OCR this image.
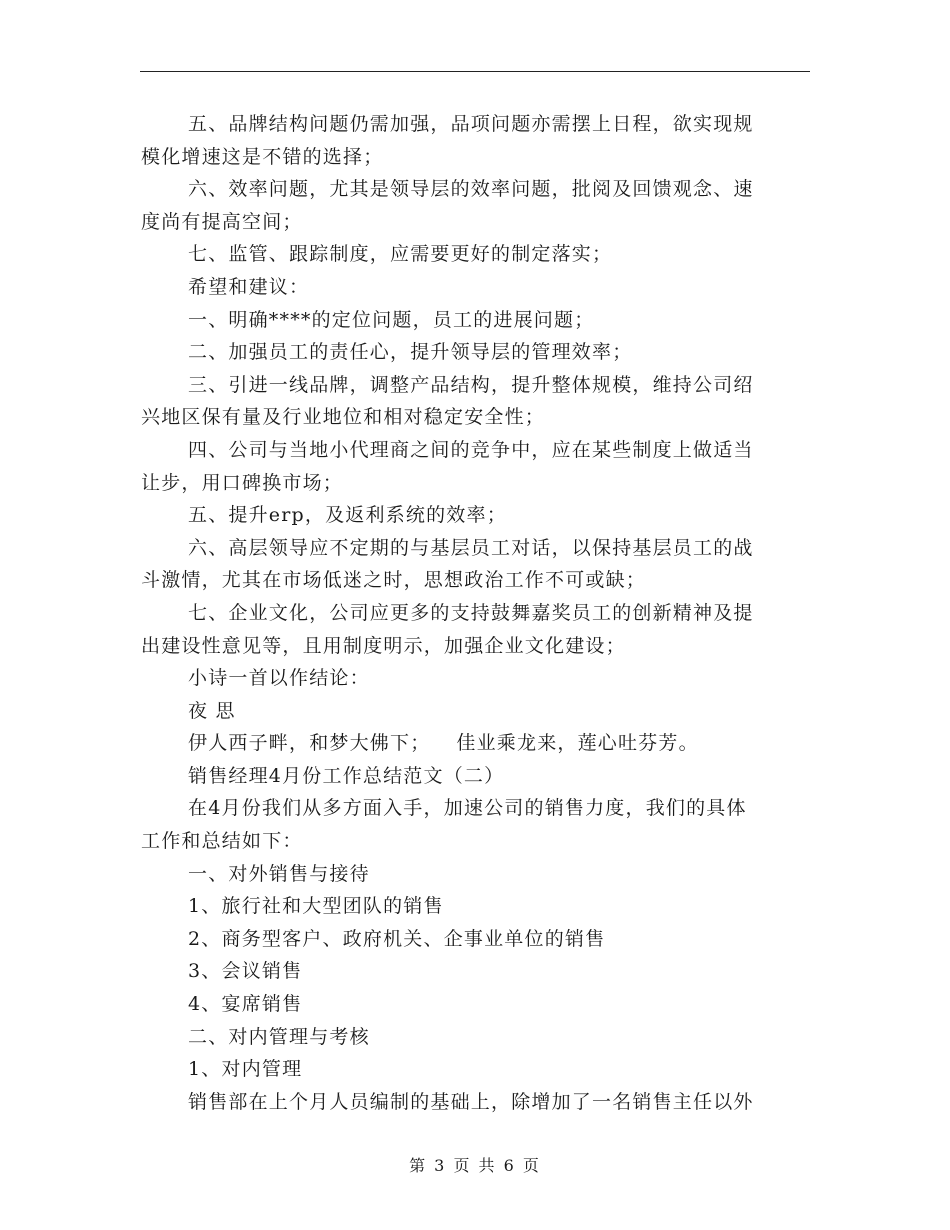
五、品牌结构问题仍需加强，品项问题亦需摆上日程，欲实现规
模化增速这是不错的选择；
六、效率问题，尤其是领导层的效率问题，批阅及回馈观念、速
度尚有提高空间；
七、监管、跟踪制度，应需要更好的制定落实；
希望和建议：
一、明确****的定位问题，员工的进展问题；
二、加强员工的责任心，提升领导层的管理效率；
三、引进一线品牌，调整产品结构，提升整体规模，维持公司绍
兴地区保有量及行业地位和相对稳定安全性；
四、公司与当地小代理商之间的竞争中，应在某些制度上做适当
让步，用口碑换市场；
五、提升erp，及返利系统的效率；
六、高层领导应不定期的与基层员工对话，以保持基层员工的战
斗激情，尤其在市场低迷之时，思想政治工作不可或缺；
七、企业文化，公司应更多的支持鼓舞嘉奖员工的创新精神及提
出建设性意见等，且用制度明示，加强企业文化建设；
小诗一首以作结论：
夜 思
伊人西子畔，和梦大佛下； 佳业乘龙来，莲心吐芬芳。
销售经理4月份工作总结范文（二）
在4月份我们从多方面入手，加速公司的销售力度，我们的具体
工作和总结如下：
一、对外销售与接待
1、旅行社和大型团队的销售
2、商务型客户、政府机关、企事业单位的销售
3、会议销售
4、宴席销售
二、对内管理与考核
1、对内管理
销售部在上个月人员编制的基础上，除增加了一名销售主任以外
第 3 页 共 6 页
